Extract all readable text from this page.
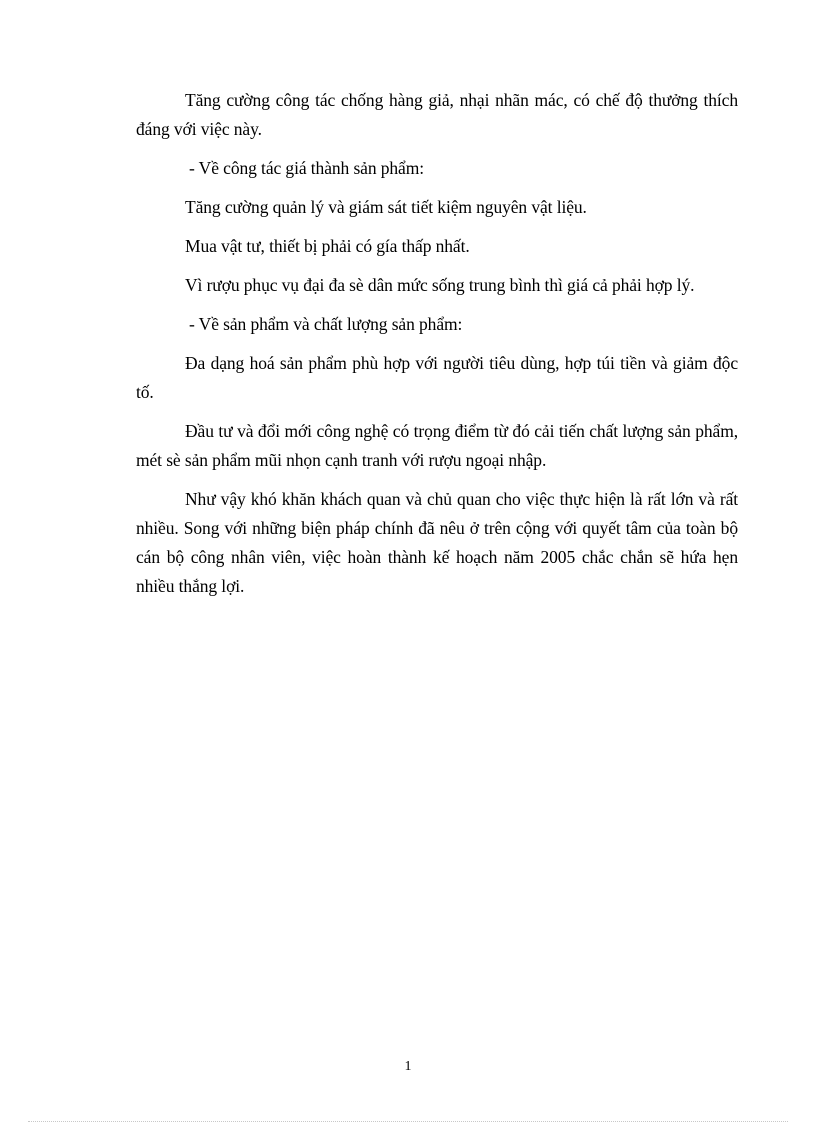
Tăng cường công tác chống hàng giả, nhại nhãn mác, có chế độ thưởng thích đáng với việc này.

- Về công tác giá thành sản phẩm:

Tăng cường quản lý và giám sát tiết kiệm nguyên vật liệu.

Mua vật tư, thiết bị phải có gía thấp nhất.

Vì rượu phục vụ đại đa sè dân mức sống trung bình thì giá cả phải hợp lý.

- Về sản phẩm và chất lượng sản phẩm:

Đa dạng hoá sản phẩm phù hợp với người tiêu dùng, hợp túi tiền và giảm độc tố.

Đầu tư và đổi mới công nghệ có trọng điểm từ đó cải tiến chất lượng sản phẩm, mét sè sản phẩm mũi nhọn cạnh tranh với rượu ngoại nhập.

Như vậy khó khăn khách quan và chủ quan cho việc thực hiện là rất lớn và rất nhiều. Song với những biện pháp chính đã nêu ở trên cộng với quyết tâm của toàn bộ cán bộ công nhân viên, việc hoàn thành kế hoạch năm 2005 chắc chắn sẽ hứa hẹn nhiều thắng lợi.

1
